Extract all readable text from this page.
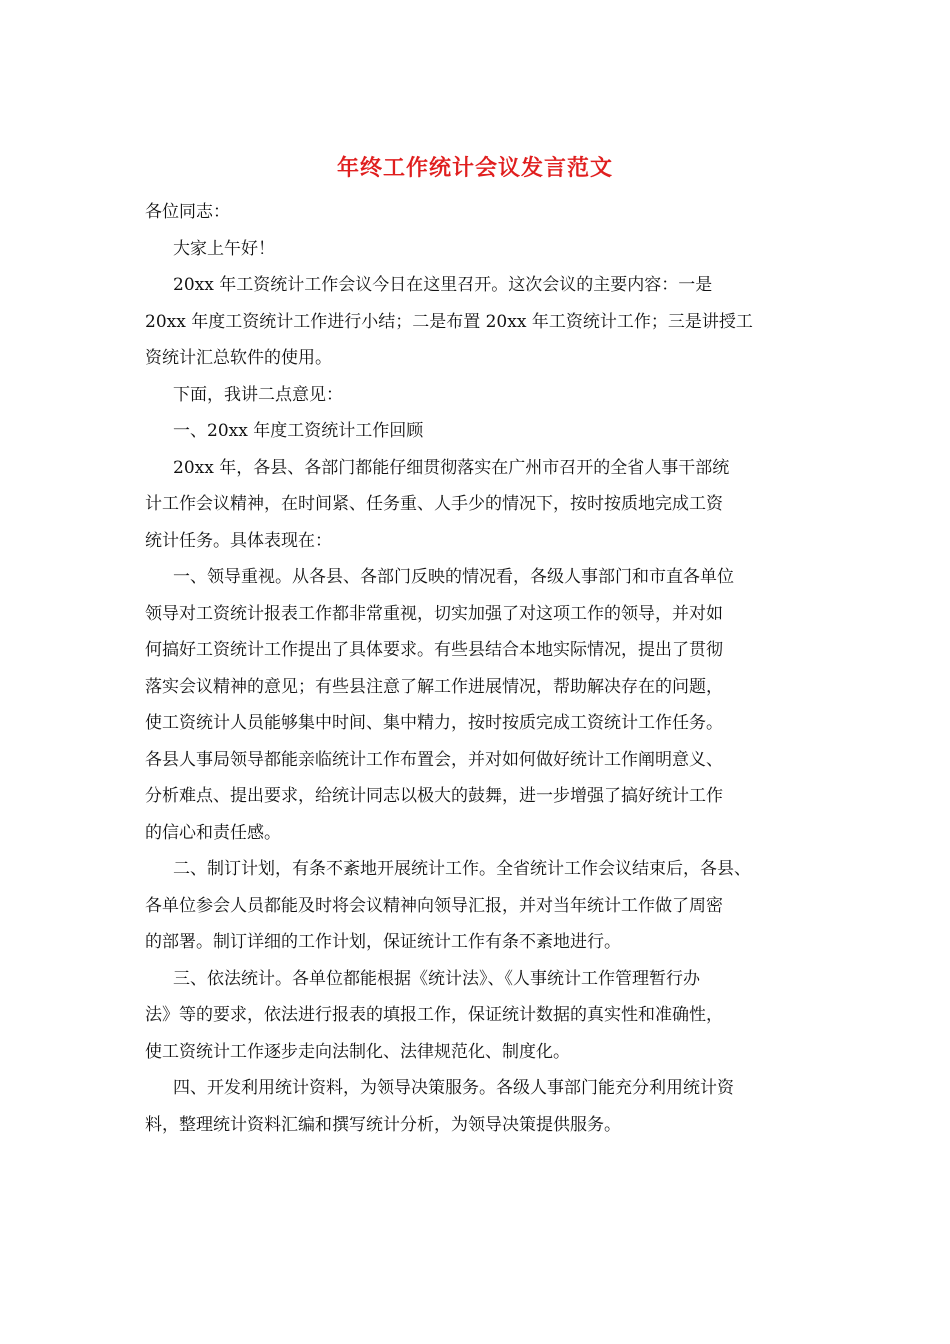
年终工作统计会议发言范文

各位同志：

大家上午好！

20xx 年工资统计工作会议今日在这里召开。这次会议的主要内容：一是

20xx 年度工资统计工作进行小结；二是布置 20xx 年工资统计工作；三是讲授工

资统计汇总软件的使用。

下面，我讲二点意见：

一、20xx 年度工资统计工作回顾

20xx 年，各县、各部门都能仔细贯彻落实在广州市召开的全省人事干部统

计工作会议精神，在时间紧、任务重、人手少的情况下，按时按质地完成工资

统计任务。具体表现在：

一、领导重视。从各县、各部门反映的情况看，各级人事部门和市直各单位

领导对工资统计报表工作都非常重视，切实加强了对这项工作的领导，并对如

何搞好工资统计工作提出了具体要求。有些县结合本地实际情况，提出了贯彻

落实会议精神的意见；有些县注意了解工作进展情况，帮助解决存在的问题，

使工资统计人员能够集中时间、集中精力，按时按质完成工资统计工作任务。

各县人事局领导都能亲临统计工作布置会，并对如何做好统计工作阐明意义、

分析难点、提出要求，给统计同志以极大的鼓舞，进一步增强了搞好统计工作

的信心和责任感。

二、制订计划，有条不紊地开展统计工作。全省统计工作会议结束后，各县、

各单位参会人员都能及时将会议精神向领导汇报，并对当年统计工作做了周密

的部署。制订详细的工作计划，保证统计工作有条不紊地进行。

三、依法统计。各单位都能根据《统计法》、《人事统计工作管理暂行办

法》等的要求，依法进行报表的填报工作，保证统计数据的真实性和准确性，

使工资统计工作逐步走向法制化、法律规范化、制度化。

四、开发利用统计资料，为领导决策服务。各级人事部门能充分利用统计资

料，整理统计资料汇编和撰写统计分析，为领导决策提供服务。
